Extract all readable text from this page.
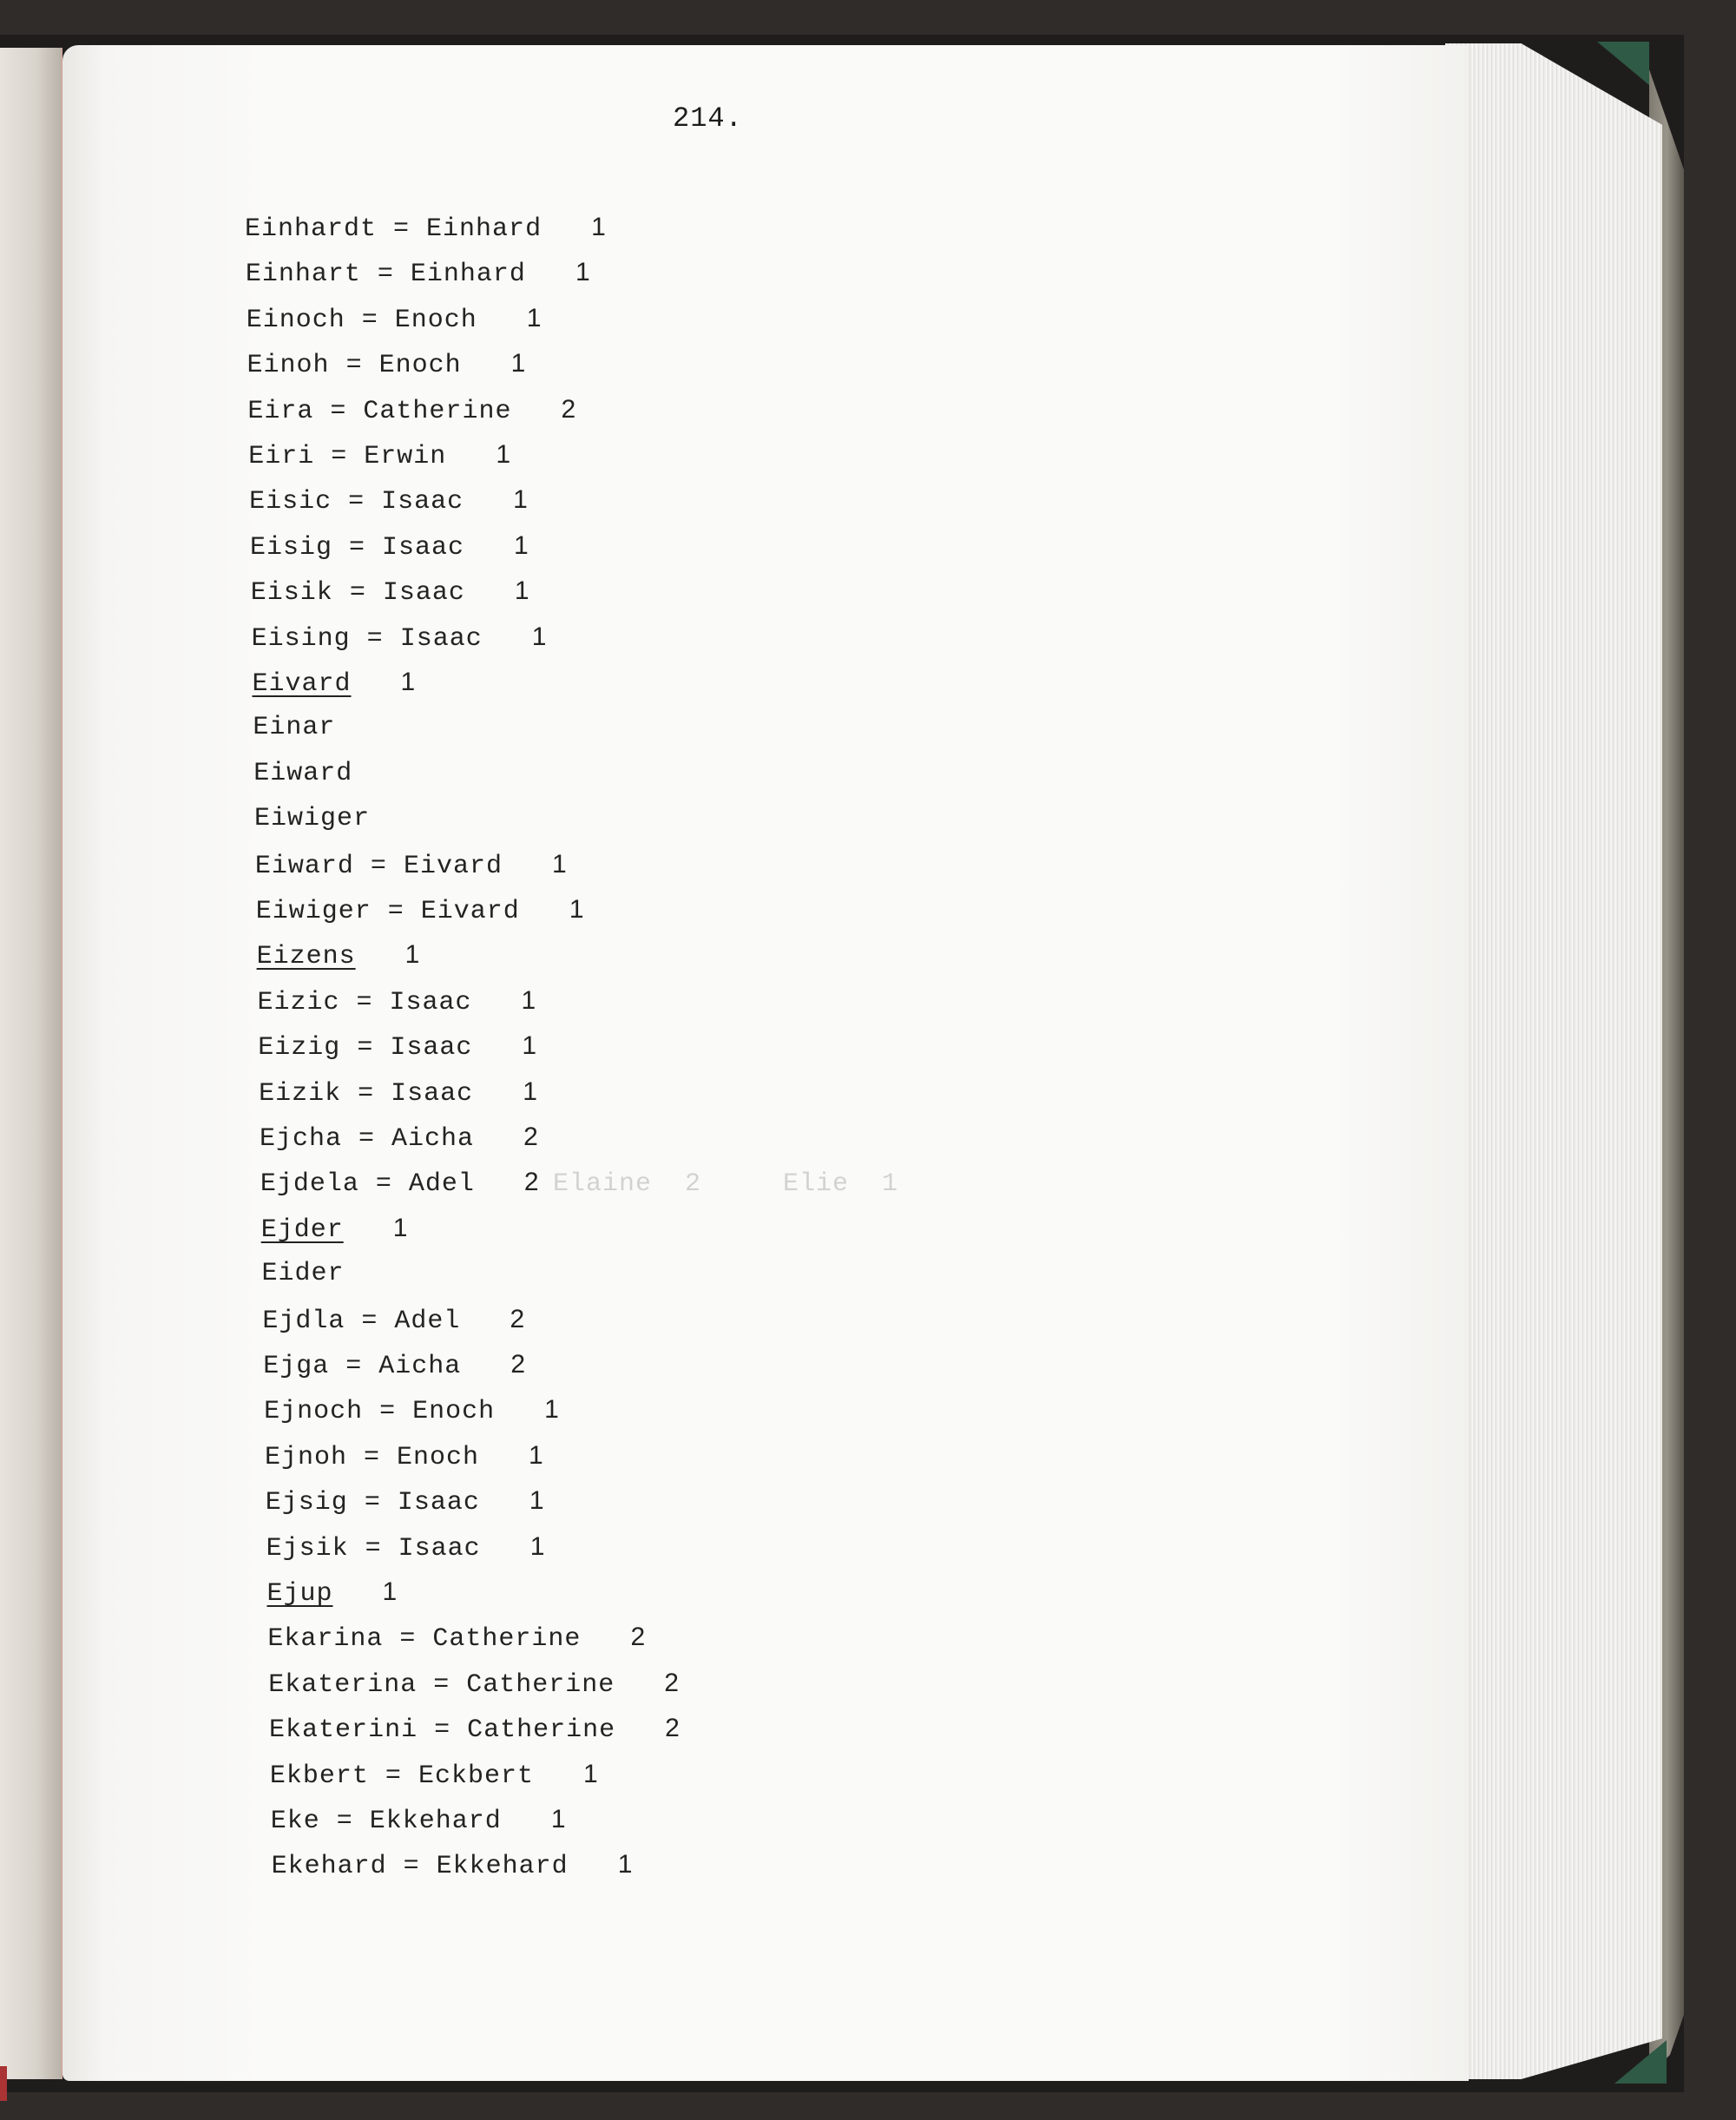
Elaine  2	Elie  1
214.
Einhardt = Einhard 1
Einhart = Einhard 1
Einoch = Enoch 1
Einoh = Enoch 1
Eira = Catherine 2
Eiri = Erwin 1
Eisic = Isaac 1
Eisig = Isaac 1
Eisik = Isaac 1
Eising = Isaac 1
Eivard 1
Einar
Eiward
Eiwiger
Eiward = Eivard 1
Eiwiger = Eivard 1
Eizens 1
Eizic = Isaac 1
Eizig = Isaac 1
Eizik = Isaac 1
Ejcha = Aicha 2
Ejdela = Adel 2
Ejder 1
Eider
Ejdla = Adel 2
Ejga = Aicha 2
Ejnoch = Enoch 1
Ejnoh = Enoch 1
Ejsig = Isaac 1
Ejsik = Isaac 1
Ejup 1
Ekarina = Catherine 2
Ekaterina = Catherine 2
Ekaterini = Catherine 2
Ekbert = Eckbert 1
Eke = Ekkehard 1
Ekehard = Ekkehard 1
